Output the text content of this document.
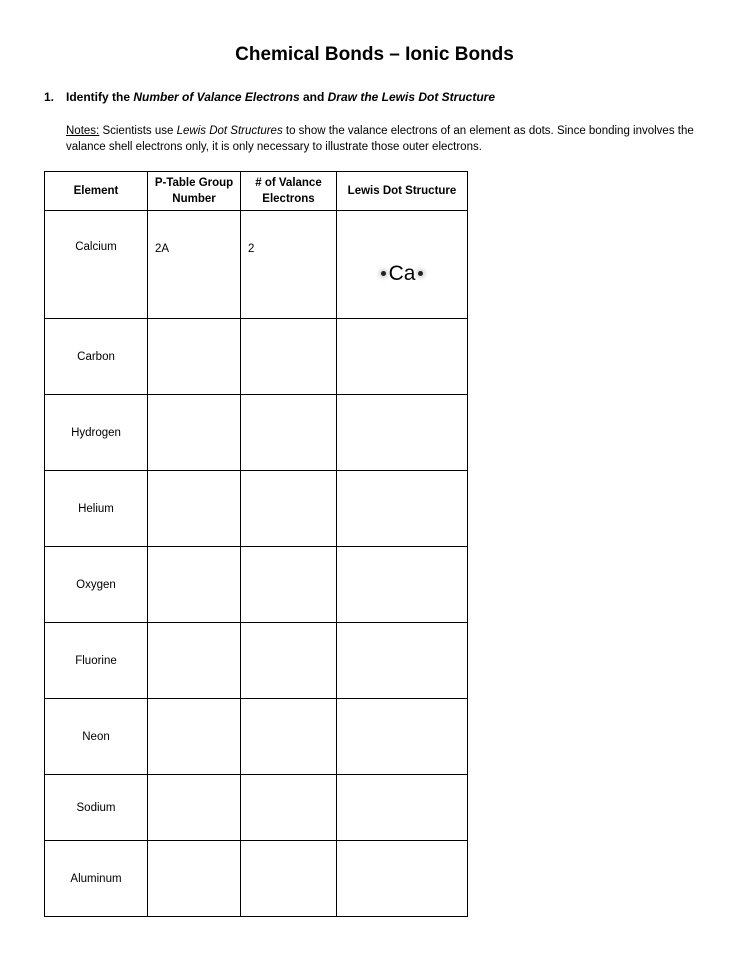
Chemical Bonds – Ionic Bonds
1. Identify the Number of Valance Electrons and Draw the Lewis Dot Structure
Notes: Scientists use Lewis Dot Structures to show the valance electrons of an element as dots. Since bonding involves the valance shell electrons only, it is only necessary to illustrate those outer electrons.
Element	P-Table Group Number	# of Valance Electrons	Lewis Dot Structure
Calcium	2A	2	Ca

Carbon			
Hydrogen			
Helium			
Oxygen			
Fluorine			
Neon			
Sodium			
Aluminum			
